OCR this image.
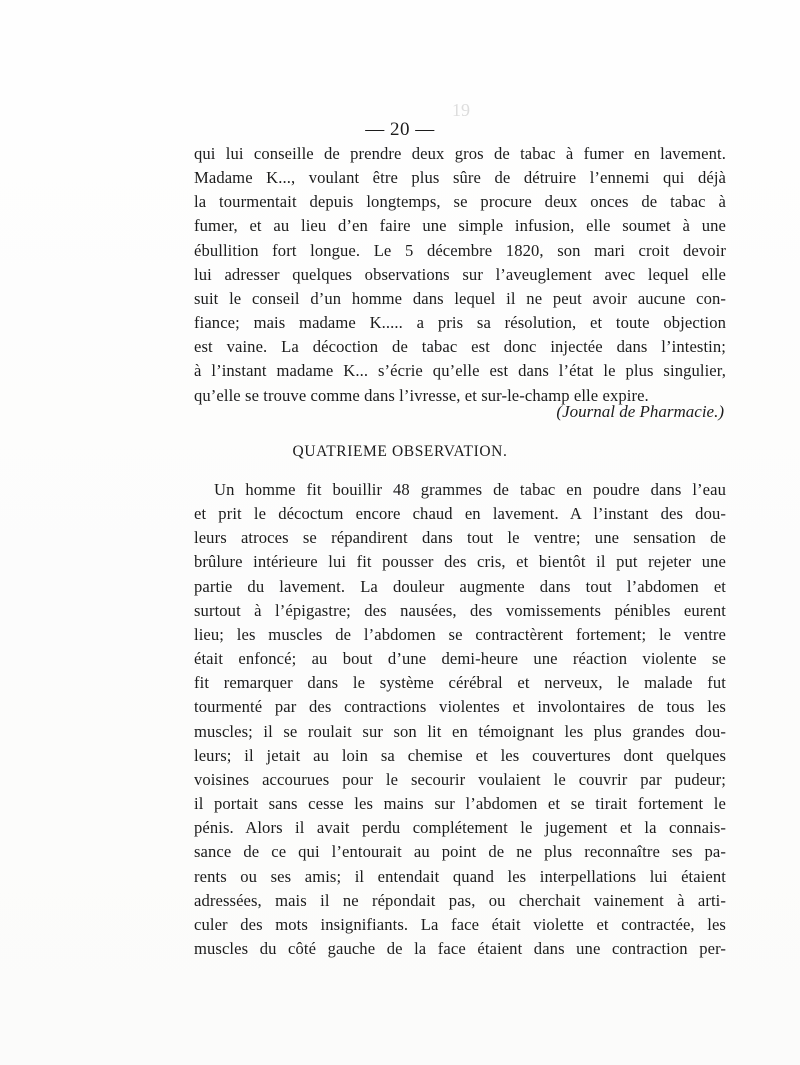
19
— 20 —
qui lui conseille de prendre deux gros de tabac à fumer en lavement.
Madame K..., voulant être plus sûre de détruire l’ennemi qui déjà
la tourmentait depuis longtemps, se procure deux onces de tabac à
fumer, et au lieu d’en faire une simple infusion, elle soumet à une
ébullition fort longue. Le 5 décembre 1820, son mari croit devoir
lui adresser quelques observations sur l’aveuglement avec lequel elle
suit le conseil d’un homme dans lequel il ne peut avoir aucune con-
fiance; mais madame K..... a pris sa résolution, et toute objection
est vaine. La décoction de tabac est donc injectée dans l’intestin;
à l’instant madame K... s’écrie qu’elle est dans l’état le plus singulier,
qu’elle se trouve comme dans l’ivresse, et sur-le-champ elle expire.
(Journal de Pharmacie.)
QUATRIEME OBSERVATION.
Un homme fit bouillir 48 grammes de tabac en poudre dans l’eau
et prit le décoctum encore chaud en lavement. A l’instant des dou-
leurs atroces se répandirent dans tout le ventre; une sensation de
brûlure intérieure lui fit pousser des cris, et bientôt il put rejeter une
partie du lavement. La douleur augmente dans tout l’abdomen et
surtout à l’épigastre; des nausées, des vomissements pénibles eurent
lieu; les muscles de l’abdomen se contractèrent fortement; le ventre
était enfoncé; au bout d’une demi-heure une réaction violente se
fit remarquer dans le système cérébral et nerveux, le malade fut
tourmenté par des contractions violentes et involontaires de tous les
muscles; il se roulait sur son lit en témoignant les plus grandes dou-
leurs; il jetait au loin sa chemise et les couvertures dont quelques
voisines accourues pour le secourir voulaient le couvrir par pudeur;
il portait sans cesse les mains sur l’abdomen et se tirait fortement le
pénis. Alors il avait perdu complétement le jugement et la connais-
sance de ce qui l’entourait au point de ne plus reconnaître ses pa-
rents ou ses amis; il entendait quand les interpellations lui étaient
adressées, mais il ne répondait pas, ou cherchait vainement à arti-
culer des mots insignifiants. La face était violette et contractée, les
muscles du côté gauche de la face étaient dans une contraction per-
